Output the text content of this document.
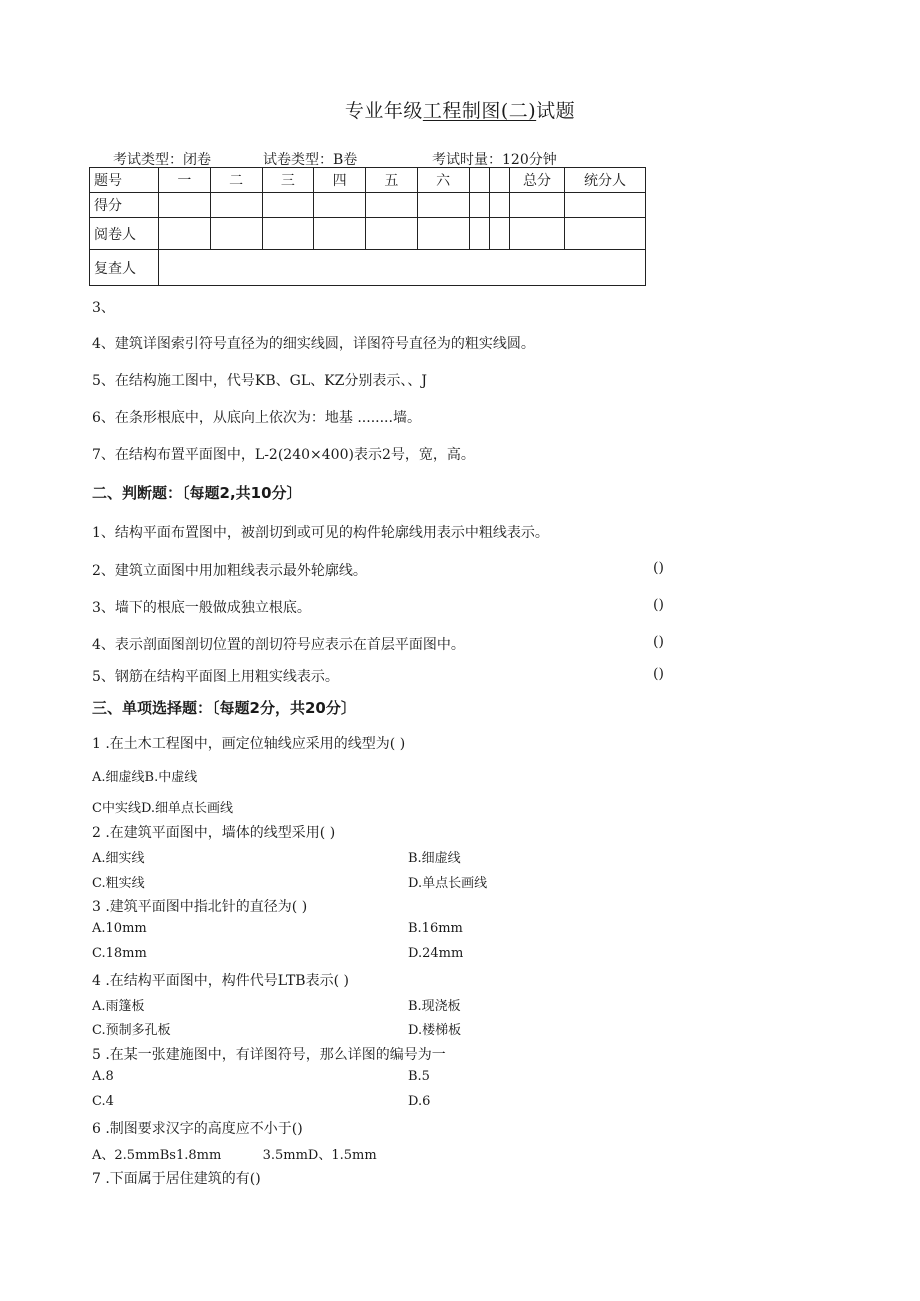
专业年级工程制图(二)试题
考试类型：闭卷	试卷类型：B卷	考试时量：120分钟
题号	一	二	三	四	五	六			总分	统分人
得分										
阅卷人										
复查人										
3、
4、建筑详图索引符号直径为的细实线圆，详图符号直径为的粗实线圆。
5、在结构施工图中，代号KB、GL、KZ分别表示、、J
6、在条形根底中，从底向上依次为：地基 ........墙。
7、在结构布置平面图中，L-2(240×400)表示2号，宽，高。
二、判断题：〔每题2,共10分〕
1、结构平面布置图中，被剖切到或可见的构件轮廓线用表示中粗线表示。
2、建筑立面图中用加粗线表示最外轮廓线。	()
3、墙下的根底一般做成独立根底。	()
4、表示剖面图剖切位置的剖切符号应表示在首层平面图中。	()
5、钢筋在结构平面图上用粗实线表示。	()
三、单项选择题：〔每题2分，共20分〕
1 .在土木工程图中，画定位轴线应采用的线型为( )
A.细虚线B.中虚线
C中实线D.细单点长画线
2 .在建筑平面图中，墙体的线型采用( )
A.细实线	B.细虚线
C.粗实线	D.单点长画线
3 .建筑平面图中指北针的直径为( )
A.10mm	B.16mm
C.18mm	D.24mm
4 .在结构平面图中，构件代号LTB表示( )
A.雨篷板	B.现浇板
C.预制多孔板	D.楼梯板
5 .在某一张建施图中，有详图符号，那么详图的编号为一
A.8	B.5
C.4	D.6
6 .制图要求汉字的高度应不小于()
A、2.5mmBs1.8mm          3.5mmD、1.5mm
7 .下面属于居住建筑的有()
